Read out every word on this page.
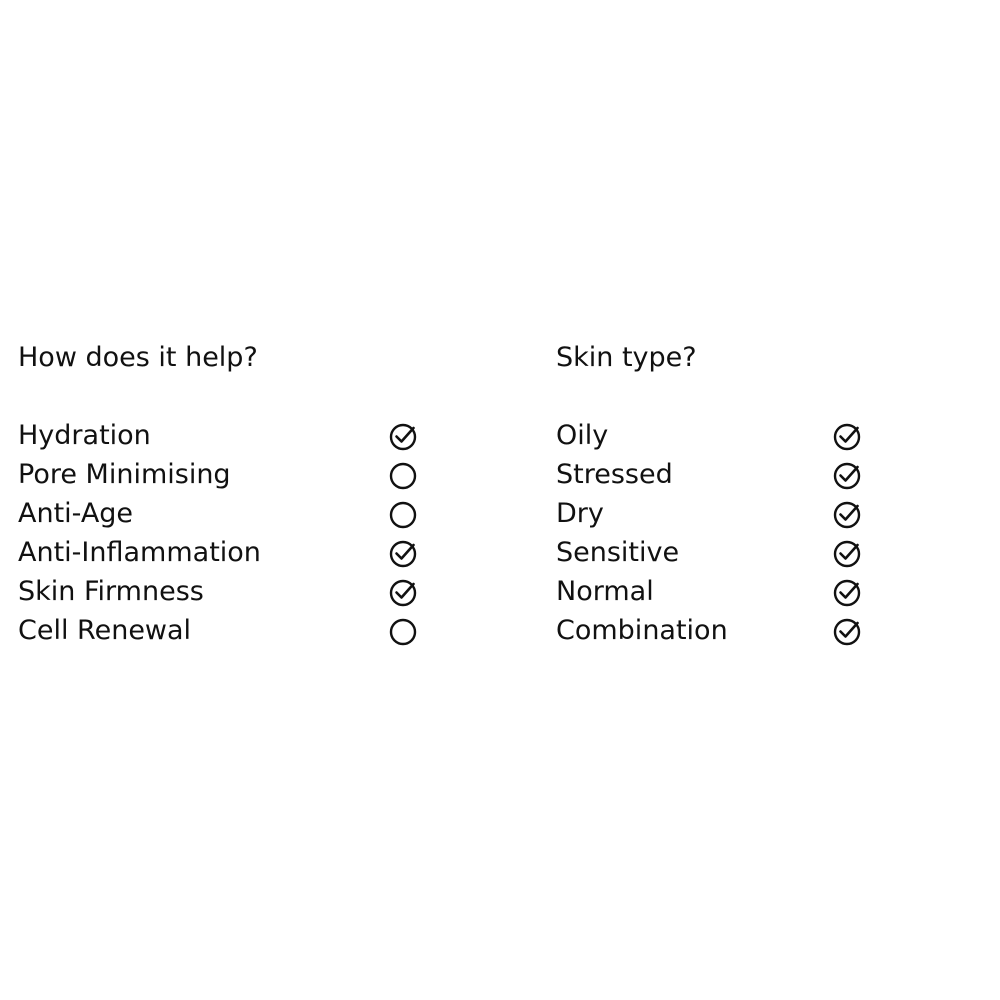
How does it help?
Hydration
Pore Minimising
Anti-Age
Anti-Inflammation
Skin Firmness
Cell Renewal
Skin type?
Oily
Stressed
Dry
Sensitive
Normal
Combination
